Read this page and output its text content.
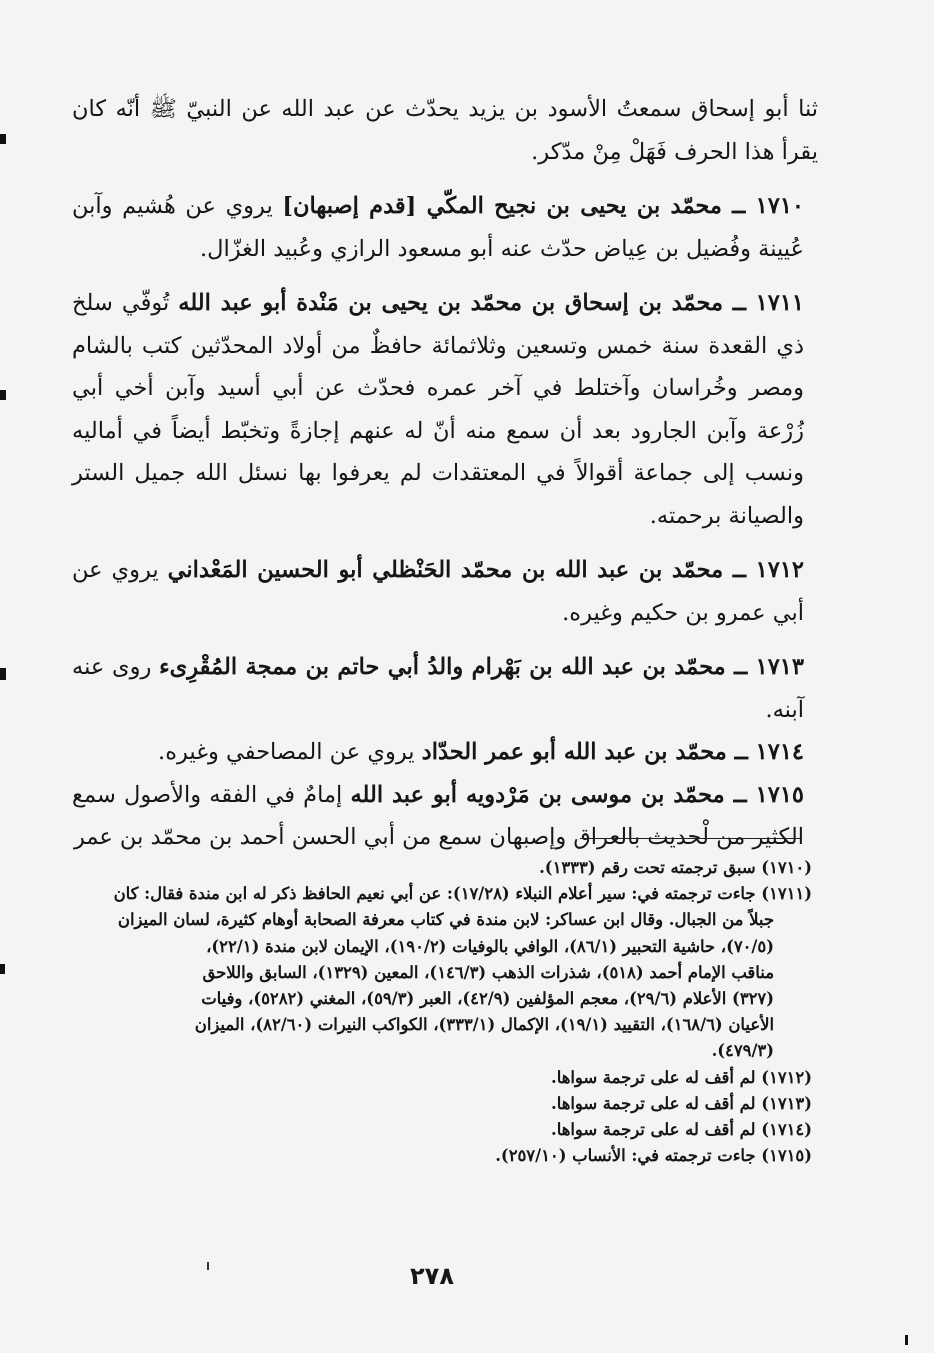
ثنا أبو إسحاق سمعتُ الأسود بن يزيد يحدّث عن عبد الله عن النبيّ ﷺ أنّه كان يقرأ هذا الحرف فَهَلْ مِنْ مدّكر.

١٧١٠ ــ محمّد بن يحيى بن نجيح المكّي [قدم إصبهان] يروي عن هُشيم وآبن عُيينة وفُضيل بن عِياض حدّث عنه أبو مسعود الرازي وعُبيد الغزّال.

١٧١١ ــ محمّد بن إسحاق بن محمّد بن يحيى بن مَنْدة أبو عبد الله تُوفّي سلخ ذي القعدة سنة خمس وتسعين وثلاثمائة حافظٌ من أولاد المحدّثين كتب بالشام ومصر وخُراسان وآختلط في آخر عمره فحدّث عن أبي أسيد وآبن أخي أبي زُرْعة وآبن الجارود بعد أن سمع منه أنّ له عنهم إجازةً وتخبّط أيضاً في أماليه ونسب إلى جماعة أقوالاً في المعتقدات لم يعرفوا بها نسئل الله جميل الستر والصيانة برحمته.

١٧١٢ ــ محمّد بن عبد الله بن محمّد الحَنْظلي أبو الحسين المَعْداني يروي عن أبي عمرو بن حكيم وغيره.

١٧١٣ ــ محمّد بن عبد الله بن بَهْرام والدُ أبي حاتم بن ممجة المُقْرِىء روى عنه آبنه.

١٧١٤ ــ محمّد بن عبد الله أبو عمر الحدّاد يروي عن المصاحفي وغيره.

١٧١٥ ــ محمّد بن موسى بن مَرْدويه أبو عبد الله إمامٌ في الفقه والأصول سمع الكثير من لْحديث بالعراق وإصبهان سمع من أبي الحسن أحمد بن محمّد بن عمر

(١٧١٠) سبق ترجمته تحت رقم (١٣٣٣).
(١٧١١) جاءت ترجمته في: سير أعلام النبلاء (١٧/٢٨): عن أبي نعيم الحافظ ذكر له ابن مندة فقال: كان
جبلاً من الجبال. وقال ابن عساكر: لابن مندة في كتاب معرفة الصحابة أوهام كثيرة، لسان الميزان
(٧٠/٥)، حاشية التحبير (٨٦/١)، الوافي بالوفيات (١٩٠/٢)، الإيمان لابن مندة (٢٢/١)،
مناقب الإمام أحمد (٥١٨)، شذرات الذهب (١٤٦/٣)، المعين (١٣٢٩)، السابق واللاحق
(٣٢٧) الأعلام (٢٩/٦)، معجم المؤلفين (٤٢/٩)، العبر (٥٩/٣)، المغني (٥٢٨٢)، وفيات
الأعيان (١٦٨/٦)، التقييد (١٩/١)، الإكمال (٣٣٣/١)، الكواكب النيرات (٨٢/٦٠)، الميزان
(٤٧٩/٣).
(١٧١٢) لم أقف له على ترجمة سواها.
(١٧١٣) لم أقف له على ترجمة سواها.
(١٧١٤) لم أقف له على ترجمة سواها.
(١٧١٥) جاءت ترجمته في: الأنساب (٢٥٧/١٠).
٢٧٨
